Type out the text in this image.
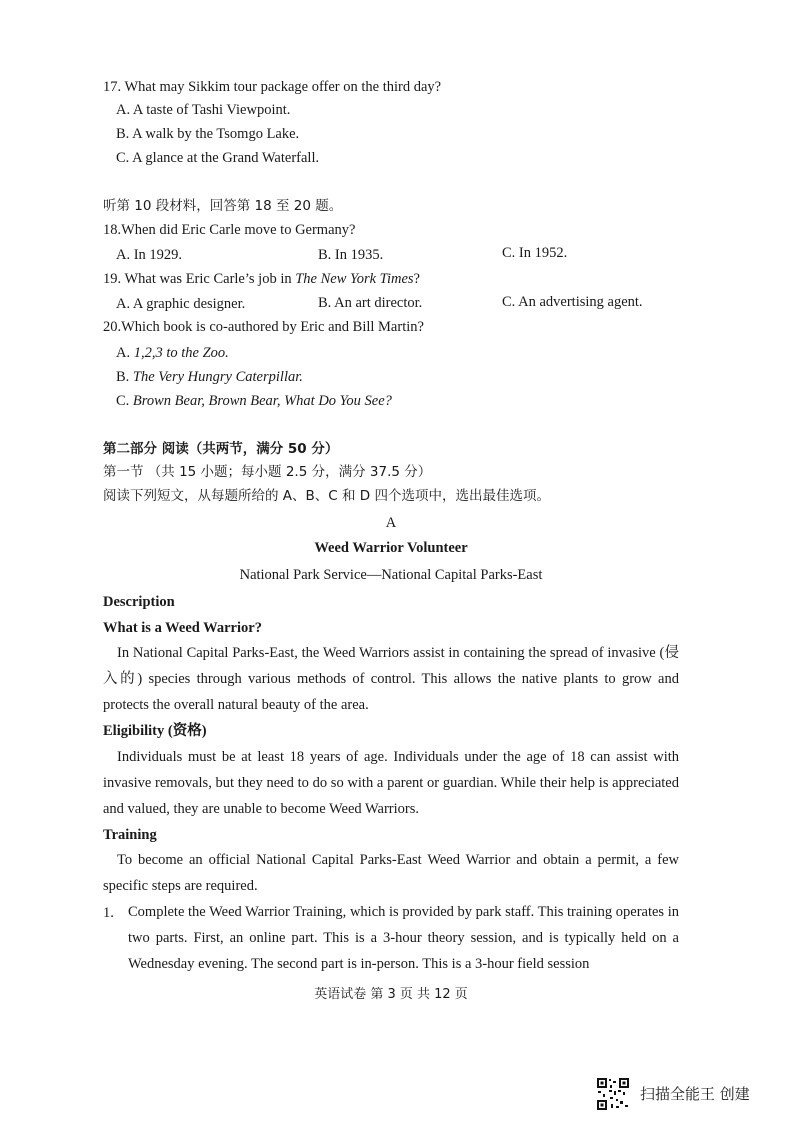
17. What may Sikkim tour package offer on the third day?
A. A taste of Tashi Viewpoint.
B. A walk by the Tsomgo Lake.
C. A glance at the Grand Waterfall.
听第 10 段材料，回答第 18 至 20 题。
18.When did Eric Carle move to Germany?
A. In 1929.	B. In 1935.	C. In 1952.
19. What was Eric Carle’s job in The New York Times?
A. A graphic designer.	B. An art director.	C. An advertising agent.
20.Which book is co-authored by Eric and Bill Martin?
A. 1,2,3 to the Zoo.
B. The Very Hungry Caterpillar.
C. Brown Bear, Brown Bear, What Do You See?
第二部分 阅读（共两节，满分 50 分）
第一节 （共 15 小题；每小题 2.5 分，满分 37.5 分）
阅读下列短文，从每题所给的 A、B、C 和 D 四个选项中，选出最佳选项。
A
Weed Warrior Volunteer
National Park Service—National Capital Parks-East
Description
What is a Weed Warrior?
In National Capital Parks-East, the Weed Warriors assist in containing the spread of invasive (侵入的) species through various methods of control. This allows the native plants to grow and protects the overall natural beauty of the area.
Eligibility (资格)
Individuals must be at least 18 years of age. Individuals under the age of 18 can assist with invasive removals, but they need to do so with a parent or guardian. While their help is appreciated and valued, they are unable to become Weed Warriors.
Training
To become an official National Capital Parks-East Weed Warrior and obtain a permit, a few specific steps are required.
1. Complete the Weed Warrior Training, which is provided by park staff. This training operates in two parts. First, an online part. This is a 3-hour theory session, and is typically held on a Wednesday evening. The second part is in-person. This is a 3-hour field session
英语试卷 第 3 页 共 12 页
扫描全能王 创建
